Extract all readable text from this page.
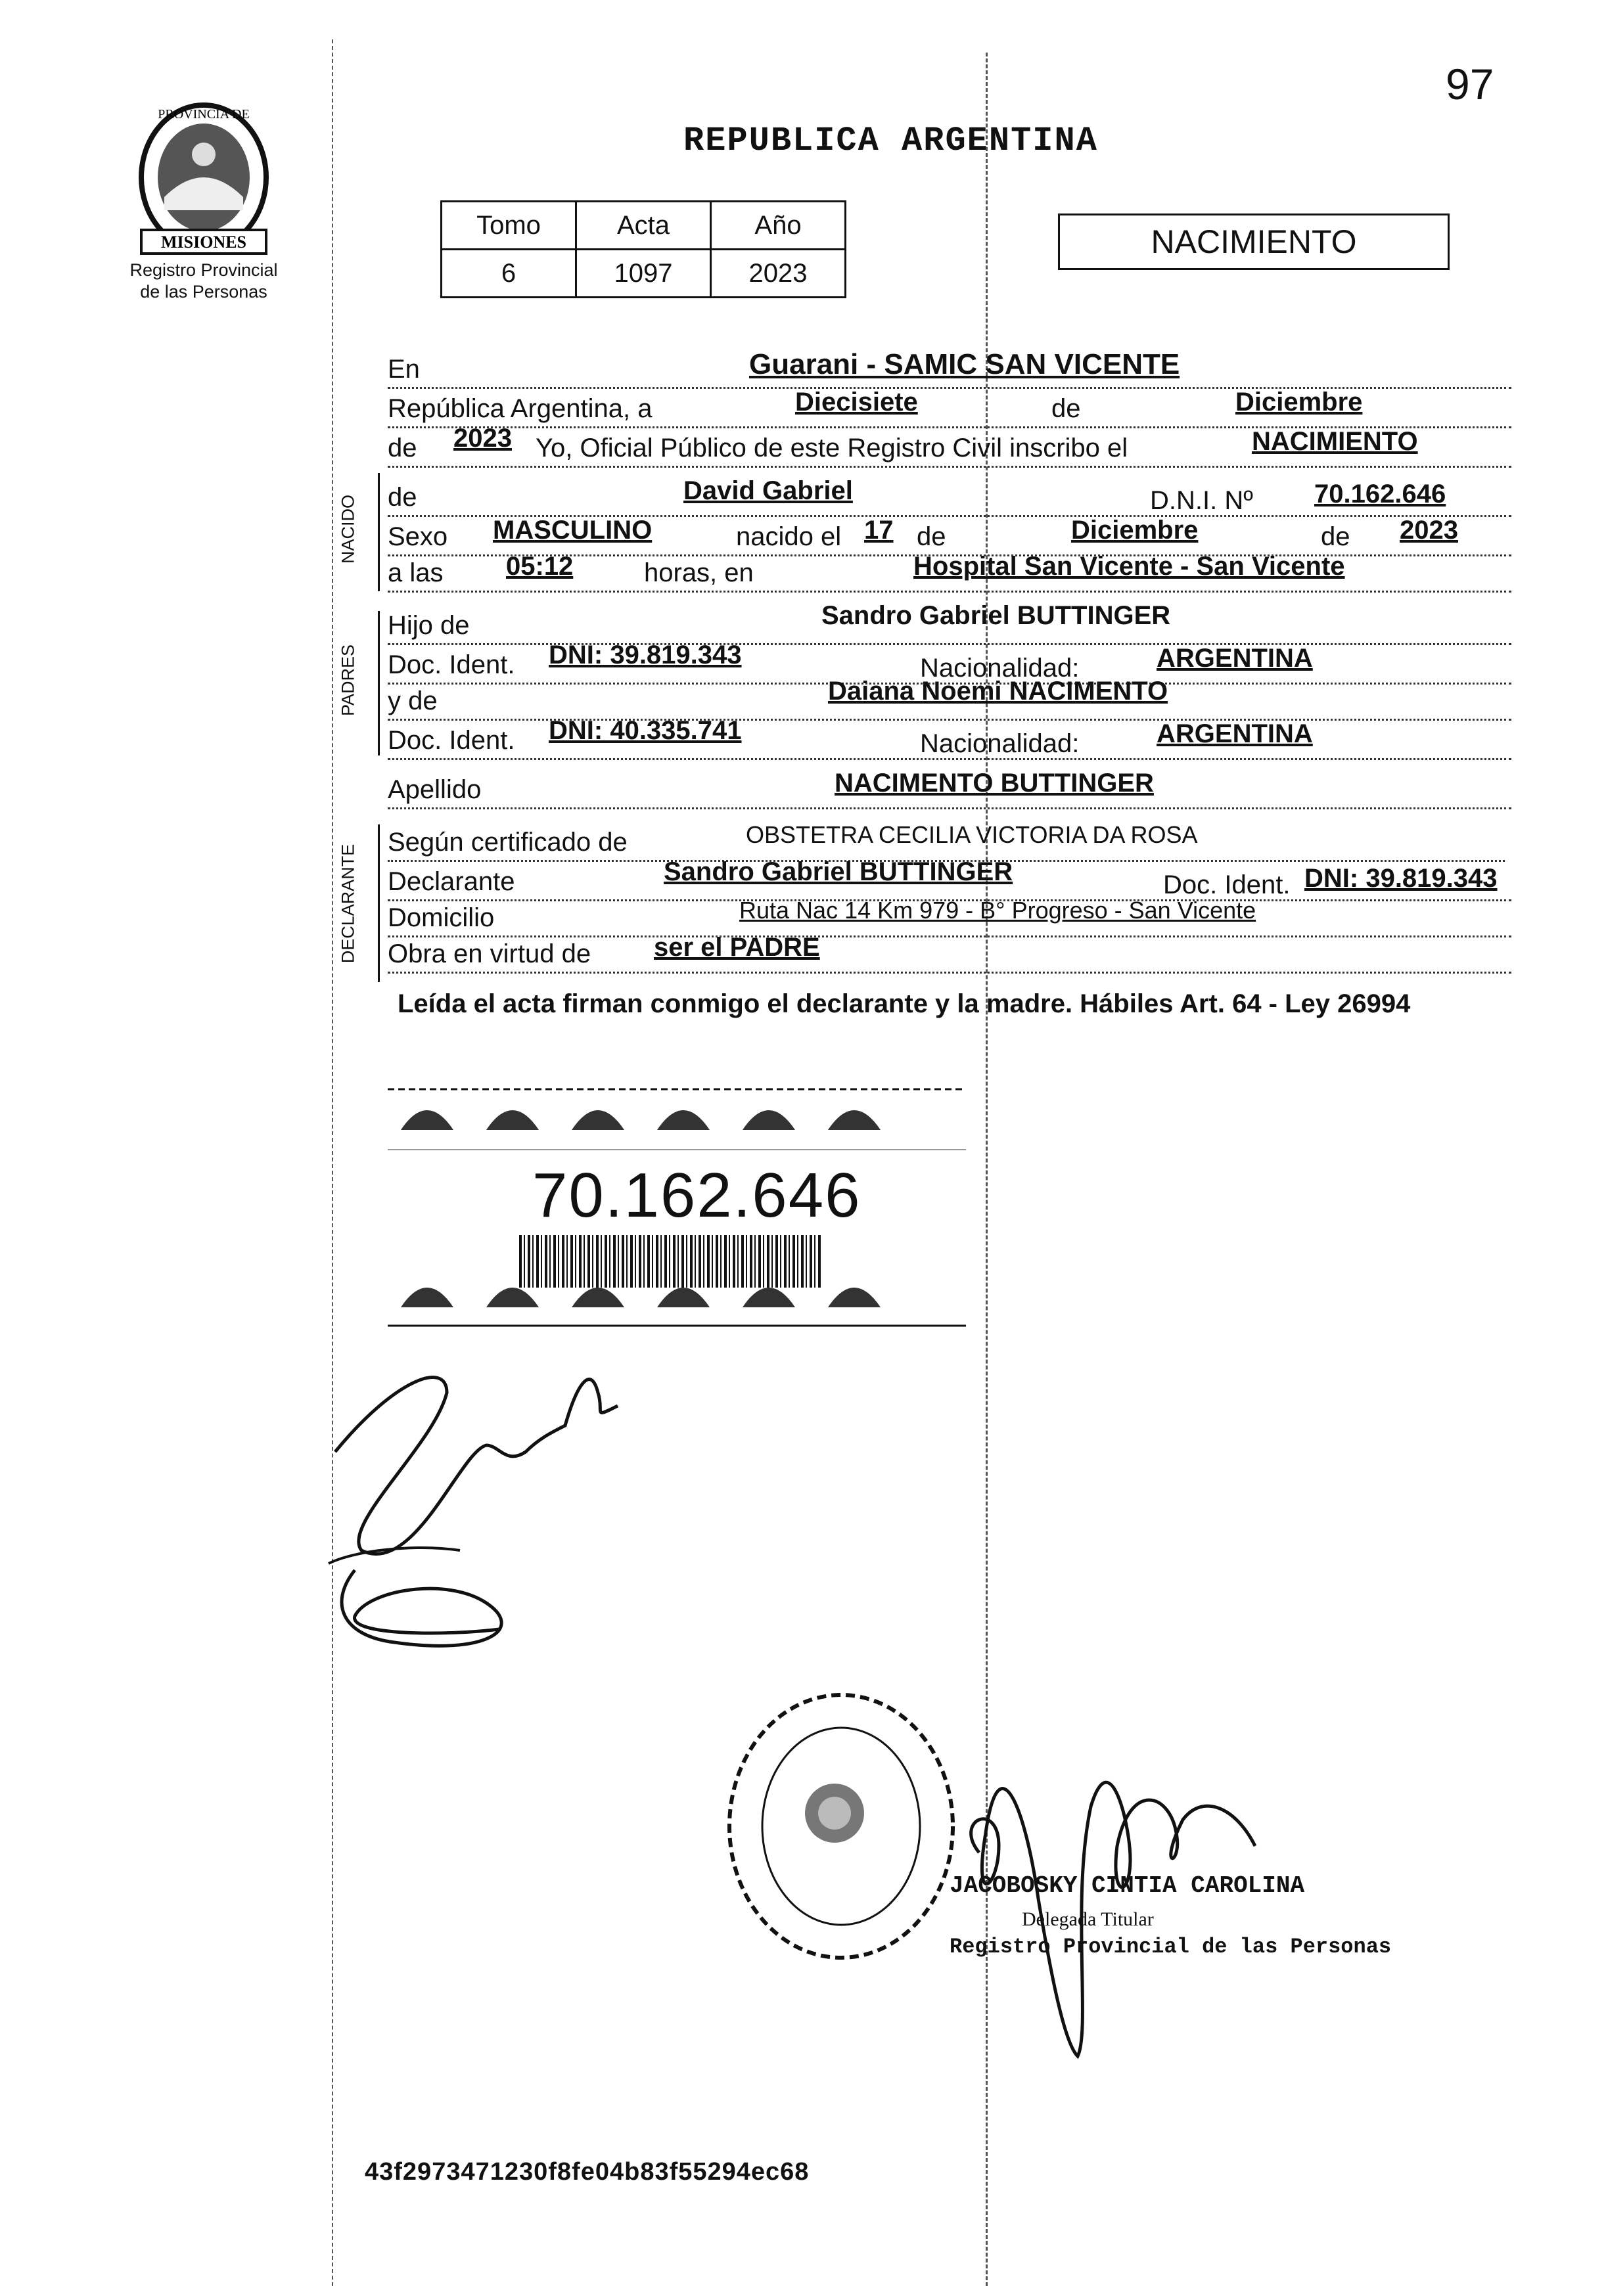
97
REPUBLICA ARGENTINA
MISIONES
PROVINCIA DE
Registro Provincial
de las Personas
Tomo	Acta	Año
6	1097	2023
NACIMIENTO
En	Guarani - SAMIC SAN VICENTE
República Argentina, a	Diecisiete	de	Diciembre
de	2023 Yo, Oficial Público de este Registro Civil inscribo el	NACIMIENTO
NACIDO de	David Gabriel	D.N.I. Nº 70.162.646
Sexo	MASCULINO	nacido el 17 de	Diciembre	de 2023
a las	05:12	horas, en	Hospital San Vicente - San Vicente
PADRES
Hijo de	Sandro Gabriel BUTTINGER
Doc. Ident.	DNI: 39.819.343	Nacionalidad:	ARGENTINA
y de	Daiana Noemi NACIMENTO
Doc. Ident.	DNI: 40.335.741	Nacionalidad:	ARGENTINA
Apellido	NACIMENTO BUTTINGER
DECLARANTE
Según certificado de	OBSTETRA CECILIA VICTORIA DA ROSA
Declarante	Sandro Gabriel BUTTINGER	Doc. Ident. DNI: 39.819.343
Domicilio	Ruta Nac 14 Km 979 - B° Progreso - San Vicente
Obra en virtud de	ser el PADRE
Leída el acta firman conmigo el declarante y la madre. Hábiles Art. 64 - Ley 26994
70.162.646
JACOBOSKY CINTIA CAROLINA
Delegada Titular
Registro Provincial de las Personas
43f2973471230f8fe04b83f55294ec68
